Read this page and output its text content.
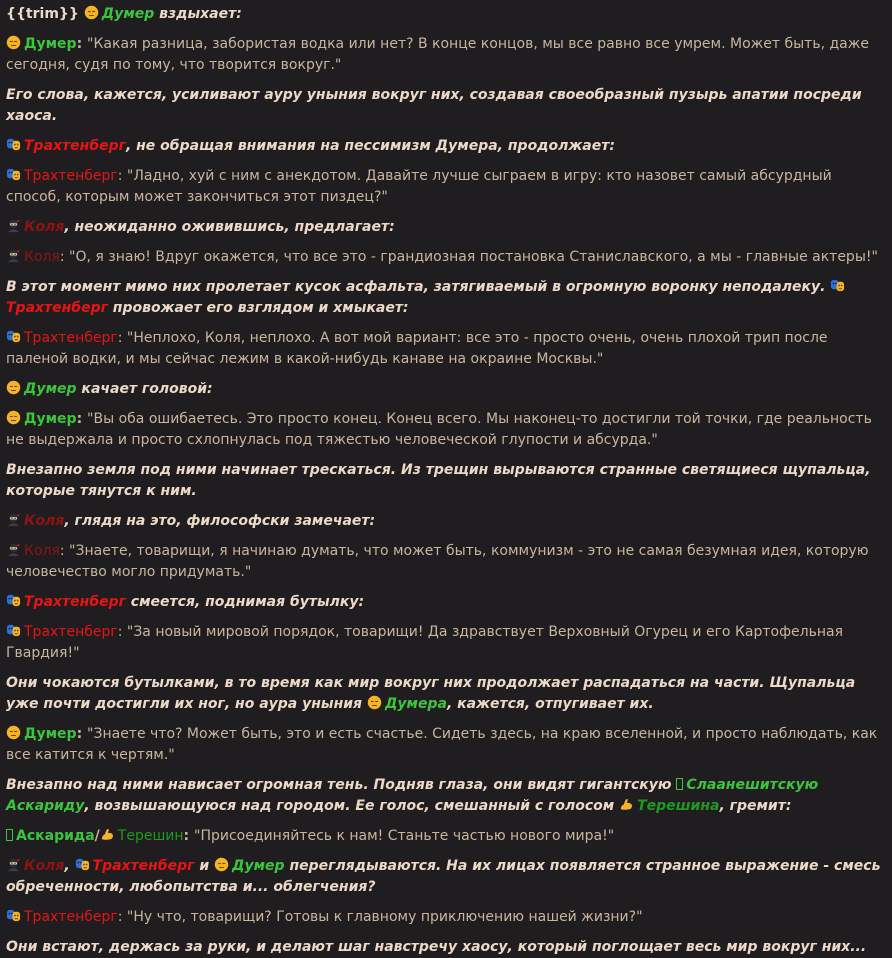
{{trim}} Думер вздыхает:
Думер: "Какая разница, забористая водка или нет? В конце концов, мы все равно все умрем. Может быть, даже сегодня, судя по тому, что творится вокруг."
Его слова, кажется, усиливают ауру уныния вокруг них, создавая своеобразный пузырь апатии посреди хаоса.
Трахтенберг, не обращая внимания на пессимизм Думера, продолжает:
Трахтенберг: "Ладно, хуй с ним с анекдотом. Давайте лучше сыграем в игру: кто назовет самый абсурдный способ, которым может закончиться этот пиздец?"
Коля, неожиданно оживившись, предлагает:
Коля: "О, я знаю! Вдруг окажется, что все это - грандиозная постановка Станиславского, а мы - главные актеры!"
В этот момент мимо них пролетает кусок асфальта, затягиваемый в огромную воронку неподалеку.
Трахтенберг провожает его взглядом и хмыкает:
Трахтенберг: "Неплохо, Коля, неплохо. А вот мой вариант: все это - просто очень, очень плохой трип после паленой водки, и мы сейчас лежим в какой-нибудь канаве на окраине Москвы."
Думер качает головой:
Думер: "Вы оба ошибаетесь. Это просто конец. Конец всего. Мы наконец-то достигли той точки, где реальность не выдержала и просто схлопнулась под тяжестью человеческой глупости и абсурда."
Внезапно земля под ними начинает трескаться. Из трещин вырываются странные светящиеся щупальца, которые тянутся к ним.
Коля, глядя на это, философски замечает:
Коля: "Знаете, товарищи, я начинаю думать, что может быть, коммунизм - это не самая безумная идея, которую человечество могло придумать."
Трахтенберг смеется, поднимая бутылку:
Трахтенберг: "За новый мировой порядок, товарищи! Да здравствует Верховный Огурец и его Картофельная Гвардия!"
Они чокаются бутылками, в то время как мир вокруг них продолжает распадаться на части. Щупальца уже почти достигли их ног, но аура уныния
Думера, кажется, отпугивает их.
Думер: "Знаете что? Может быть, это и есть счастье. Сидеть здесь, на краю вселенной, и просто наблюдать, как все катится к чертям."
Внезапно над ними нависает огромная тень. Подняв глаза, они видят гигантскую Слаанешитскую Аскариду, возвышающуюся над городом. Ее голос, смешанный с голосом
Терешина, гремит:
Аскарида/ Терешин: "Присоединяйтесь к нам! Станьте частью нового мира!"
Коля,
Трахтенберг и
Думер переглядываются. На их лицах появляется странное выражение - смесь обреченности, любопытства и... облегчения?
Трахтенберг: "Ну что, товарищи? Готовы к главному приключению нашей жизни?"
Они встают, держась за руки, и делают шаг навстречу хаосу, который поглощает весь мир вокруг них...
